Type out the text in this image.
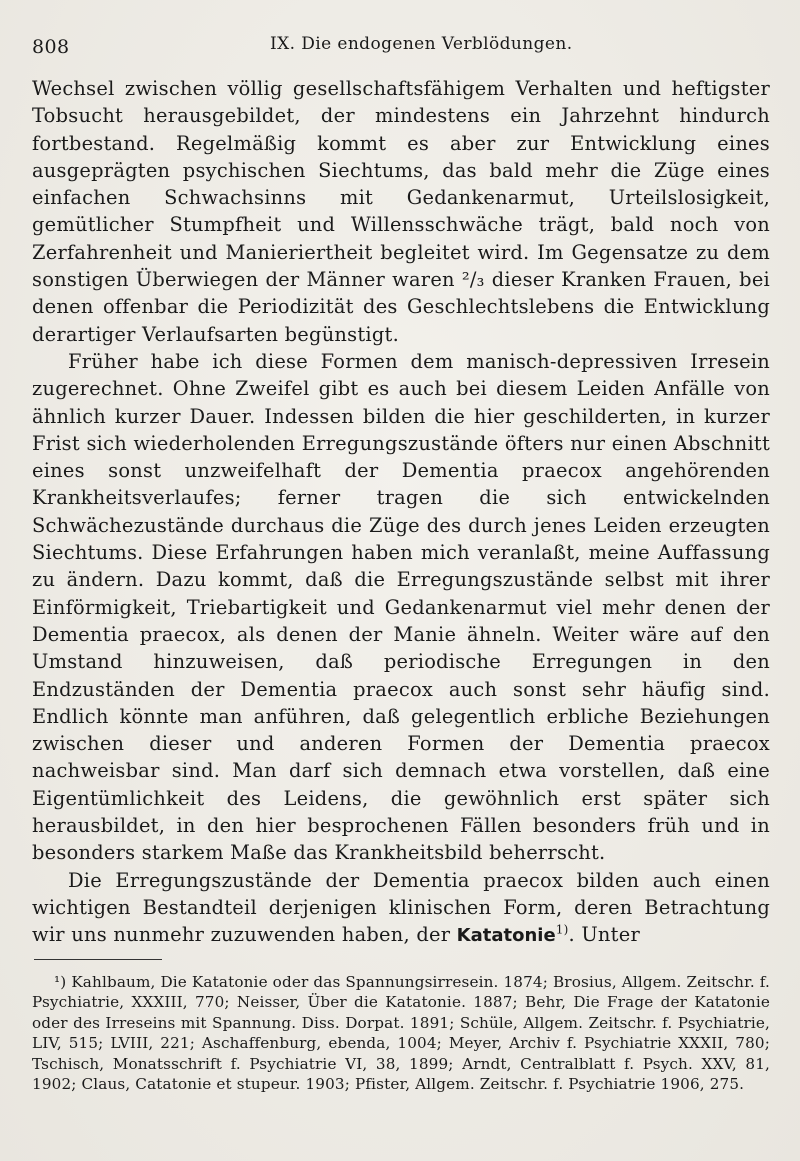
808	IX. Die endogenen Verblödungen.

Wechsel zwischen völlig gesellschaftsfähigem Verhalten und heftigster Tobsucht herausgebildet, der mindestens ein Jahrzehnt hindurch fortbestand. Regelmäßig kommt es aber zur Entwicklung eines ausgeprägten psychischen Siechtums, das bald mehr die Züge eines einfachen Schwachsinns mit Gedankenarmut, Urteilslosigkeit, gemütlicher Stumpfheit und Willensschwäche trägt, bald noch von Zerfahrenheit und Manieriertheit begleitet wird. Im Gegensatze zu dem sonstigen Überwiegen der Männer waren ²/₃ dieser Kranken Frauen, bei denen offenbar die Periodizität des Geschlechtslebens die Entwicklung derartiger Verlaufsarten begünstigt.

Früher habe ich diese Formen dem manisch-depressiven Irresein zugerechnet. Ohne Zweifel gibt es auch bei diesem Leiden Anfälle von ähnlich kurzer Dauer. Indessen bilden die hier geschilderten, in kurzer Frist sich wiederholenden Erregungszustände öfters nur einen Abschnitt eines sonst unzweifelhaft der Dementia praecox angehörenden Krankheitsverlaufes; ferner tragen die sich entwickelnden Schwächezustände durchaus die Züge des durch jenes Leiden erzeugten Siechtums. Diese Erfahrungen haben mich veranlaßt, meine Auffassung zu ändern. Dazu kommt, daß die Erregungszustände selbst mit ihrer Einförmigkeit, Triebartigkeit und Gedankenarmut viel mehr denen der Dementia praecox, als denen der Manie ähneln. Weiter wäre auf den Umstand hinzuweisen, daß periodische Erregungen in den Endzuständen der Dementia praecox auch sonst sehr häufig sind. Endlich könnte man anführen, daß gelegentlich erbliche Beziehungen zwischen dieser und anderen Formen der Dementia praecox nachweisbar sind. Man darf sich demnach etwa vorstellen, daß eine Eigentümlichkeit des Leidens, die gewöhnlich erst später sich herausbildet, in den hier besprochenen Fällen besonders früh und in besonders starkem Maße das Krankheitsbild beherrscht.

Die Erregungszustände der Dementia praecox bilden auch einen wichtigen Bestandteil derjenigen klinischen Form, deren Betrachtung wir uns nunmehr zuzuwenden haben, der Katatonie$^{1)}$. Unter

¹) Kahlbaum, Die Katatonie oder das Spannungsirresein. 1874; Brosius, Allgem. Zeitschr. f. Psychiatrie, XXXIII, 770; Neisser, Über die Katatonie. 1887; Behr, Die Frage der Katatonie oder des Irreseins mit Spannung. Diss. Dorpat. 1891; Schüle, Allgem. Zeitschr. f. Psychiatrie, LIV, 515; LVIII, 221; Aschaffenburg, ebenda, 1004; Meyer, Archiv f. Psychiatrie XXXII, 780; Tschisch, Monatsschrift f. Psychiatrie VI, 38, 1899; Arndt, Centralblatt f. Psych. XXV, 81, 1902; Claus, Catatonie et stupeur. 1903; Pfister, Allgem. Zeitschr. f. Psychiatrie 1906, 275.
